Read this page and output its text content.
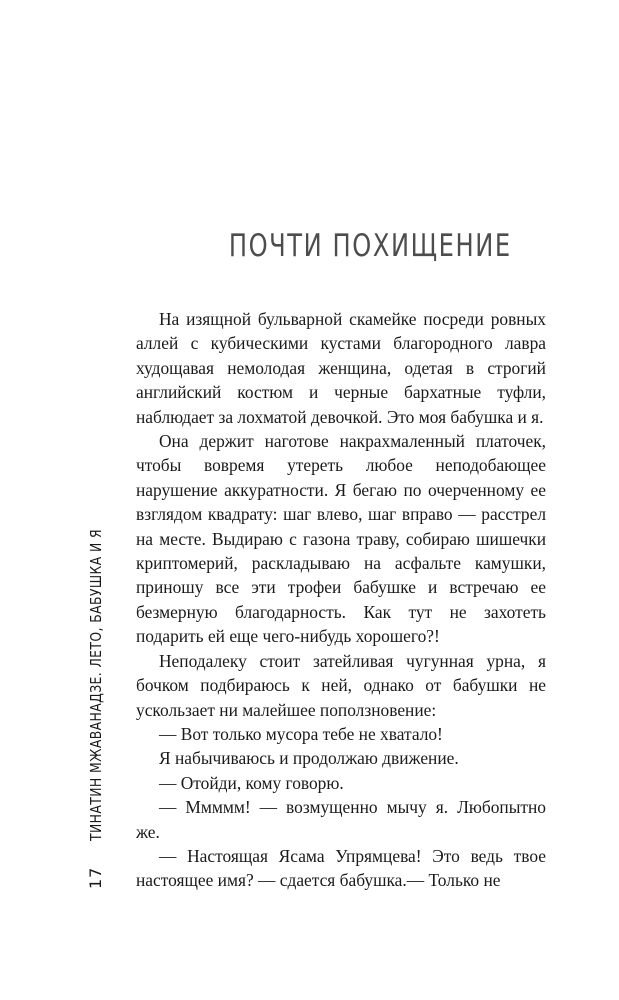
ПОЧТИ ПОХИЩЕНИЕ

На изящной бульварной скамейке посреди ровных аллей с кубическими кустами благородного лавра худощавая немолодая женщина, одетая в строгий английский костюм и черные бархатные туфли, наблюдает за лохматой девочкой. Это моя бабушка и я.

Она держит наготове накрахмаленный платочек, чтобы вовремя утереть любое неподобающее нарушение аккуратности. Я бегаю по очерченному ее взглядом квадрату: шаг влево, шаг вправо — расстрел на месте. Выдираю с газона траву, собираю шишечки криптомерий, раскладываю на асфальте камушки, приношу все эти трофеи бабушке и встречаю ее безмерную благодарность. Как тут не захотеть подарить ей еще чего-нибудь хорошего?!

Неподалеку стоит затейливая чугунная урна, я бочком подбираюсь к ней, однако от бабушки не ускользает ни малейшее поползновение:

— Вот только мусора тебе не хватало!

Я набычиваюсь и продолжаю движение.

— Отойди, кому говорю.

— Ммммм! — возмущенно мычу я. Любопытно же.

— Настоящая Ясама Упрямцева! Это ведь твое настоящее имя? — сдается бабушка.— Только не

17
ТИНАТИН МЖАВАНАДЗЕ. ЛЕТО, БАБУШКА И Я
